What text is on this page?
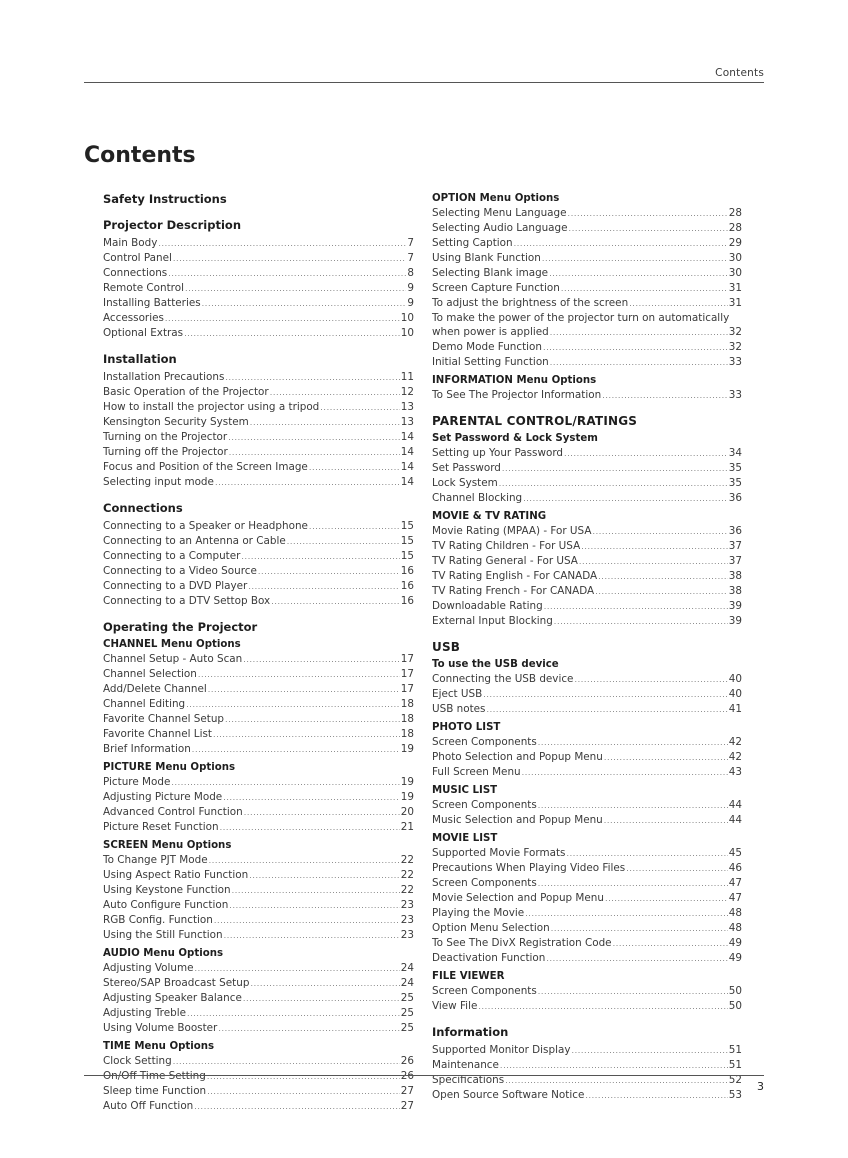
Contents
Contents
Safety Instructions
Projector Description
Main Body .....	7
Control Panel .....	7
Connections .....	8
Remote Control .....	9
Installing Batteries .....	9
Accessories .....	10
Optional Extras .....	10
Installation
Installation Precautions .....	11
Basic Operation of the Projector .....	12
How to install the projector using a tripod .....	13
Kensington Security System .....	13
Turning on the Projector .....	14
Turning off the Projector .....	14
Focus and Position of the Screen Image .....	14
Selecting input mode .....	14
Connections
Connecting to a Speaker or Headphone .....	15
Connecting to an Antenna or Cable .....	15
Connecting to a Computer .....	15
Connecting to a Video Source .....	16
Connecting to a DVD Player .....	16
Connecting to a DTV Settop Box .....	16
Operating the Projector
CHANNEL Menu Options
Channel Setup - Auto Scan .....	17
Channel Selection .....	17
Add/Delete Channel .....	17
Channel Editing .....	18
Favorite Channel Setup .....	18
Favorite Channel List .....	18
Brief Information .....	19
PICTURE Menu Options
Picture Mode .....	19
Adjusting Picture Mode .....	19
Advanced Control Function .....	20
Picture Reset Function .....	21
SCREEN Menu Options
To Change PJT Mode .....	22
Using Aspect Ratio Function .....	22
Using Keystone Function .....	22
Auto Configure Function .....	23
RGB Config. Function .....	23
Using the Still Function .....	23
AUDIO Menu Options
Adjusting Volume .....	24
Stereo/SAP Broadcast Setup .....	24
Adjusting Speaker Balance .....	25
Adjusting Treble .....	25
Using Volume Booster .....	25
TIME Menu Options
Clock Setting .....	26
On/Off Time Setting .....	26
Sleep time Function .....	27
Auto Off Function .....	27
OPTION Menu Options
Selecting Menu Language .....	28
Selecting Audio Language .....	28
Setting Caption .....	29
Using Blank Function .....	30
Selecting Blank image .....	30
Screen Capture Function .....	31
To adjust the brightness of the screen .....	31
To make the power of the projector turn on automatically
when power is applied .....	32
Demo Mode Function .....	32
Initial Setting Function .....	33
INFORMATION Menu Options
To See The Projector Information .....	33
PARENTAL CONTROL/RATINGS
Set Password & Lock System
Setting up Your Password .....	34
Set Password .....	35
Lock System .....	35
Channel Blocking .....	36
MOVIE & TV RATING
Movie Rating (MPAA) - For USA .....	36
TV Rating Children - For USA .....	37
TV Rating General - For USA .....	37
TV Rating English - For CANADA .....	38
TV Rating French - For CANADA .....	38
Downloadable Rating .....	39
External Input Blocking .....	39
USB
To use the USB device
Connecting the USB device .....	40
Eject USB .....	40
USB notes .....	41
PHOTO LIST
Screen Components .....	42
Photo Selection and Popup Menu .....	42
Full Screen Menu .....	43
MUSIC LIST
Screen Components .....	44
Music Selection and Popup Menu .....	44
MOVIE LIST
Supported Movie Formats .....	45
Precautions When Playing Video Files .....	46
Screen Components .....	47
Movie Selection and Popup Menu .....	47
Playing the Movie .....	48
Option Menu Selection .....	48
To See The DivX Registration Code .....	49
Deactivation Function .....	49
FILE VIEWER
Screen Components .....	50
View File .....	50
Information
Supported Monitor Display .....	51
Maintenance .....	51
Specifications .....	52
Open Source Software Notice .....	53
3
